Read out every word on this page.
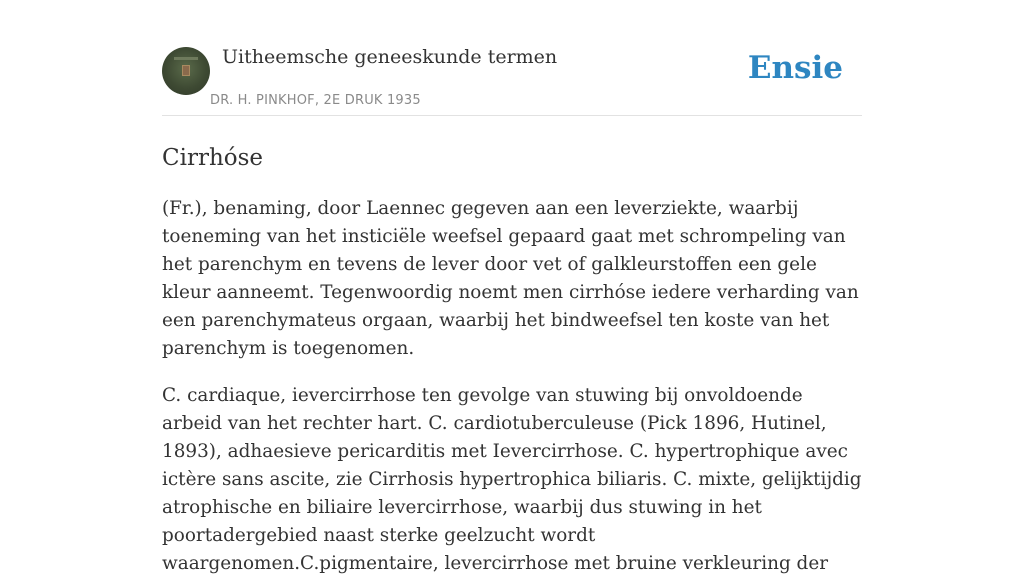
Uitheemsche geneeskunde termen
DR. H. PINKHOF, 2E DRUK 1935
Ensie
Cirrhóse

(Fr.), benaming, door Laennec gegeven aan een leverziekte, waarbij toeneming van het insticiële weefsel gepaard gaat met schrompeling van het parenchym en tevens de lever door vet of galkleurstoffen een gele kleur aanneemt. Tegenwoordig noemt men cirrhóse iedere verharding van een parenchymateus orgaan, waarbij het bindweefsel ten koste van het parenchym is toegenomen.

C. cardiaque, ievercirrhose ten gevolge van stuwing bij onvoldoende arbeid van het rechter hart. C. cardiotuberculeuse (Pick 1896, Hutinel, 1893), adhaesieve pericarditis met Ievercirrhose. C. hypertrophique avec ictère sans ascite, zie Cirrhosis hypertrophica biliaris. C. mixte, gelijktijdig atrophische en biliaire levercirrhose, waarbij dus stuwing in het poortadergebied naast sterke geelzucht wordt waargenomen.C.pigmentaire, levercirrhose met bruine verkleuring der
